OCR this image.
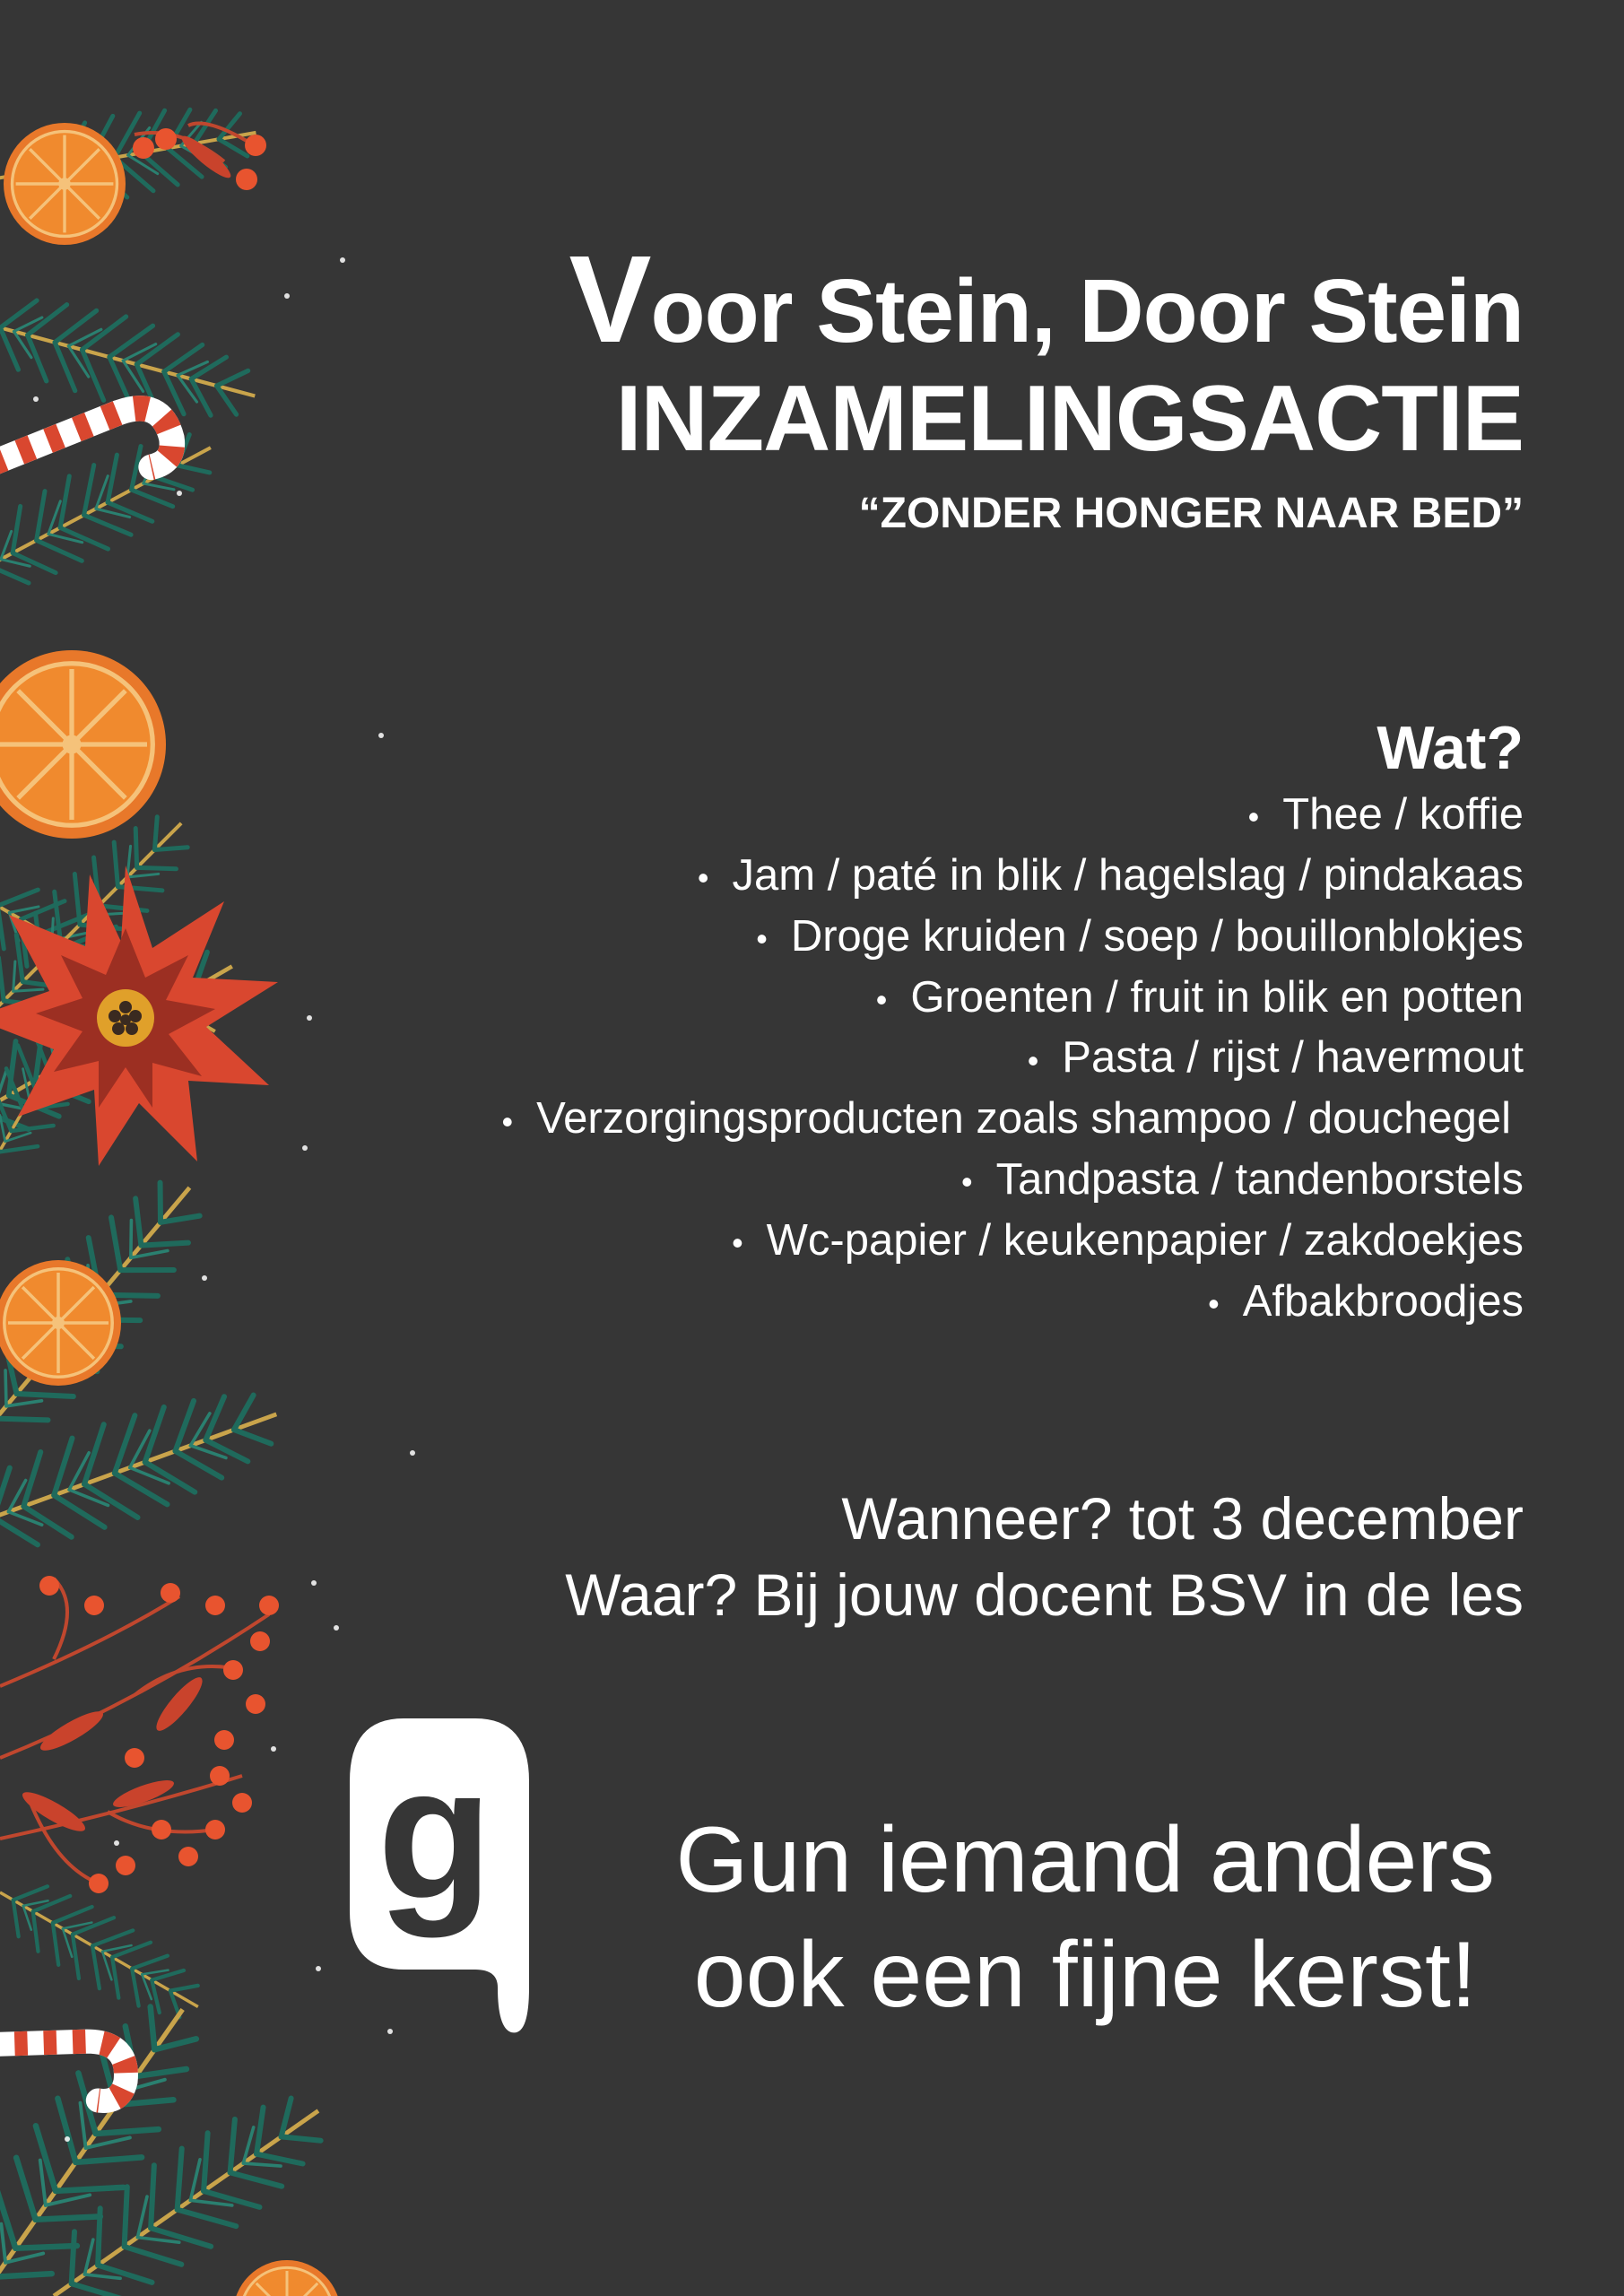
Voor Stein, Door Stein
INZAMELINGSACTIE
“ZONDER HONGER NAAR BED”
Wat?
• Thee / koffie
• Jam / paté in blik / hagelslag / pindakaas
• Droge kruiden / soep / bouillonblokjes
• Groenten / fruit in blik en potten
• Pasta / rijst / havermout
• Verzorgingsproducten zoals shampoo / douchegel
• Tandpasta / tandenborstels
• Wc-papier / keukenpapier / zakdoekjes
• Afbakbroodjes
Wanneer? tot 3 december
Waar? Bij jouw docent BSV in de les
g Gun iemand anders
ook een fijne kerst!
